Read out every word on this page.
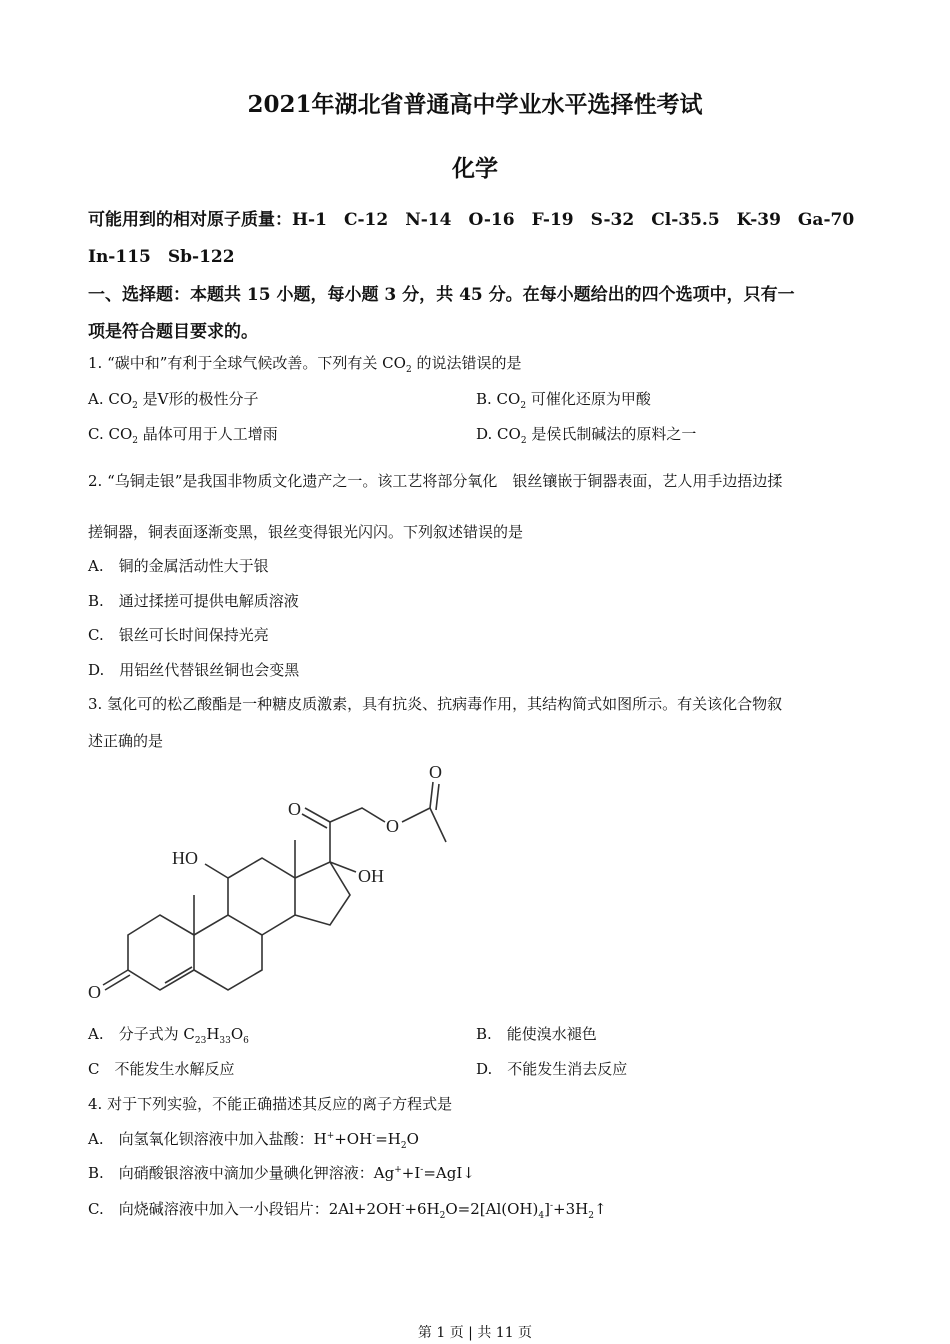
2021年湖北省普通高中学业水平选择性考试
化学
可能用到的相对原子质量：H-1　C-12　N-14　O-16　F-19　S-32　Cl-35.5　K-39　Ga-70
In-115　Sb-122
一、选择题：本题共 15 小题，每小题 3 分，共 45 分。在每小题给出的四个选项中，只有一
项是符合题目要求的。
1. “碳中和”有利于全球气候改善。下列有关 $CO_2$ 的说法错误的是
A. $CO_2$ 是Ⅴ形的极性分子	B. $CO_2$ 可催化还原为甲酸
C. $CO_2$ 晶体可用于人工增雨	D. $CO_2$ 是侯氏制碱法的原料之一
2. “乌铜走银”是我国非物质文化遗产之一。该工艺将部分氧化　银丝镶嵌于铜器表面，艺人用手边捂边揉
搓铜器，铜表面逐渐变黑，银丝变得银光闪闪。下列叙述错误的是
A.　铜的金属活动性大于银
B.　通过揉搓可提供电解质溶液
C.　银丝可长时间保持光亮
D.　用铝丝代替银丝铜也会变黑
3. 氢化可的松乙酸酯是一种糖皮质激素，具有抗炎、抗病毒作用，其结构简式如图所示。有关该化合物叙
述正确的是
A.　分子式为 $C_{23}H_{33}O_6$	B.　能使溴水褪色
C　不能发生水解反应	D.　不能发生消去反应
4. 对于下列实验，不能正确描述其反应的离子方程式是
A.　向氢氧化钡溶液中加入盐酸：$H^++OH^-=H_2O$
B.　向硝酸银溶液中滴加少量碘化钾溶液：Ag++I-=AgI↓
C.　向烧碱溶液中加入一小段铝片：$2Al+2OH^-+6H_2O=2[Al(OH)_4]^-+3H_2↑$
O
HO
OH
O
O
O
第 1 页 | 共 11 页
